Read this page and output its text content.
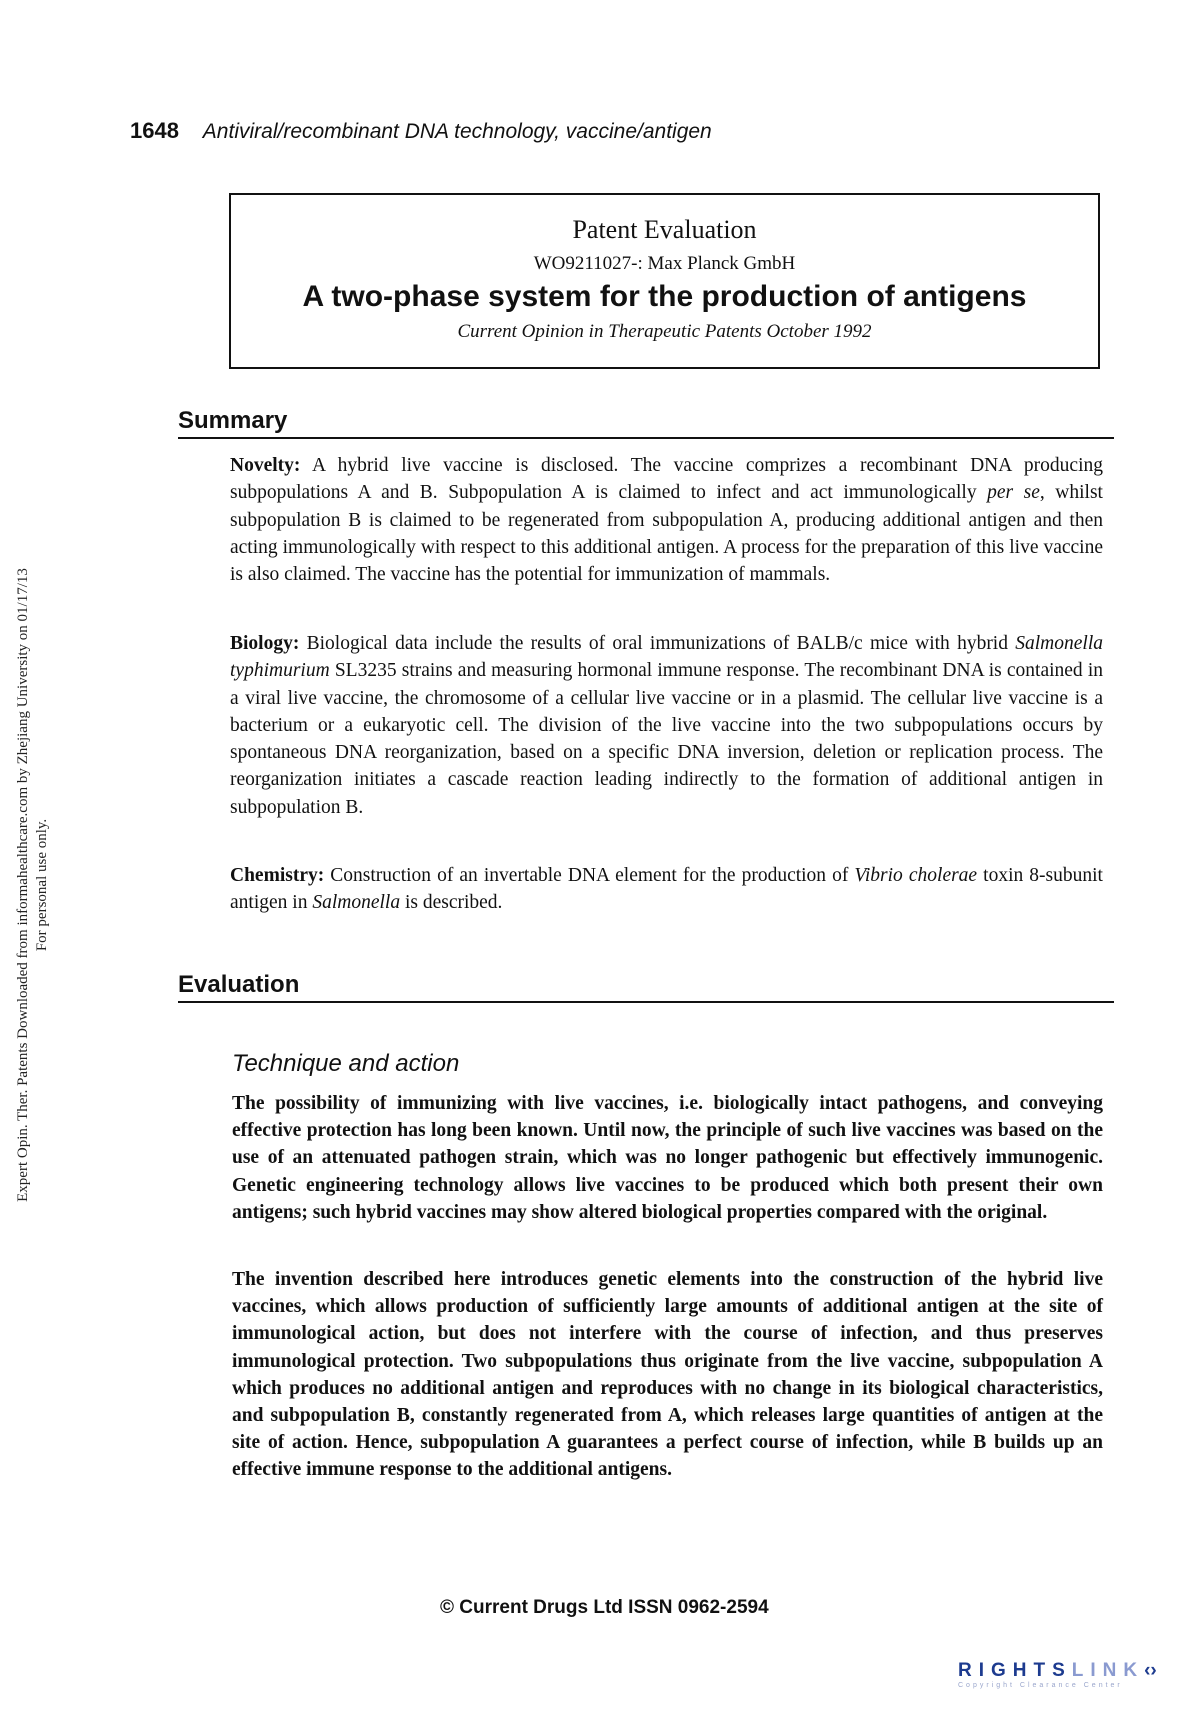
1648 Antiviral/recombinant DNA technology, vaccine/antigen
Patent Evaluation
WO9211027-: Max Planck GmbH
A two-phase system for the production of antigens
Current Opinion in Therapeutic Patents October 1992
Summary
Novelty: A hybrid live vaccine is disclosed. The vaccine comprizes a recombinant DNA producing subpopulations A and B. Subpopulation A is claimed to infect and act immunologically per se, whilst subpopulation B is claimed to be regenerated from subpopulation A, producing additional antigen and then acting immunologically with respect to this additional antigen. A process for the preparation of this live vaccine is also claimed. The vaccine has the potential for immunization of mammals.
Biology: Biological data include the results of oral immunizations of BALB/c mice with hybrid Salmonella typhimurium SL3235 strains and measuring hormonal immune response. The recombinant DNA is contained in a viral live vaccine, the chromosome of a cellular live vaccine or in a plasmid. The cellular live vaccine is a bacterium or a eukaryotic cell. The division of the live vaccine into the two subpopulations occurs by spontaneous DNA reorganization, based on a specific DNA inversion, deletion or replication process. The reorganization initiates a cascade reaction leading indirectly to the formation of additional antigen in subpopulation B.
Chemistry: Construction of an invertable DNA element for the production of Vibrio cholerae toxin 8-subunit antigen in Salmonella is described.
Evaluation
Technique and action
The possibility of immunizing with live vaccines, i.e. biologically intact pathogens, and conveying effective protection has long been known. Until now, the principle of such live vaccines was based on the use of an attenuated pathogen strain, which was no longer pathogenic but effectively immunogenic. Genetic engineering technology allows live vaccines to be produced which both present their own antigens; such hybrid vaccines may show altered biological properties compared with the original.
The invention described here introduces genetic elements into the construction of the hybrid live vaccines, which allows production of sufficiently large amounts of additional antigen at the site of immunological action, but does not interfere with the course of infection, and thus preserves immunological protection. Two subpopulations thus originate from the live vaccine, subpopulation A which produces no additional antigen and reproduces with no change in its biological characteristics, and subpopulation B, constantly regenerated from A, which releases large quantities of antigen at the site of action. Hence, subpopulation A guarantees a perfect course of infection, while B builds up an effective immune response to the additional antigens.
© Current Drugs Ltd ISSN 0962-2594
Expert Opin. Ther. Patents Downloaded from informahealthcare.com by Zhejiang University on 01/17/13 For personal use only.
RIGHTSLINK‹›
Copyright Clearance Center
